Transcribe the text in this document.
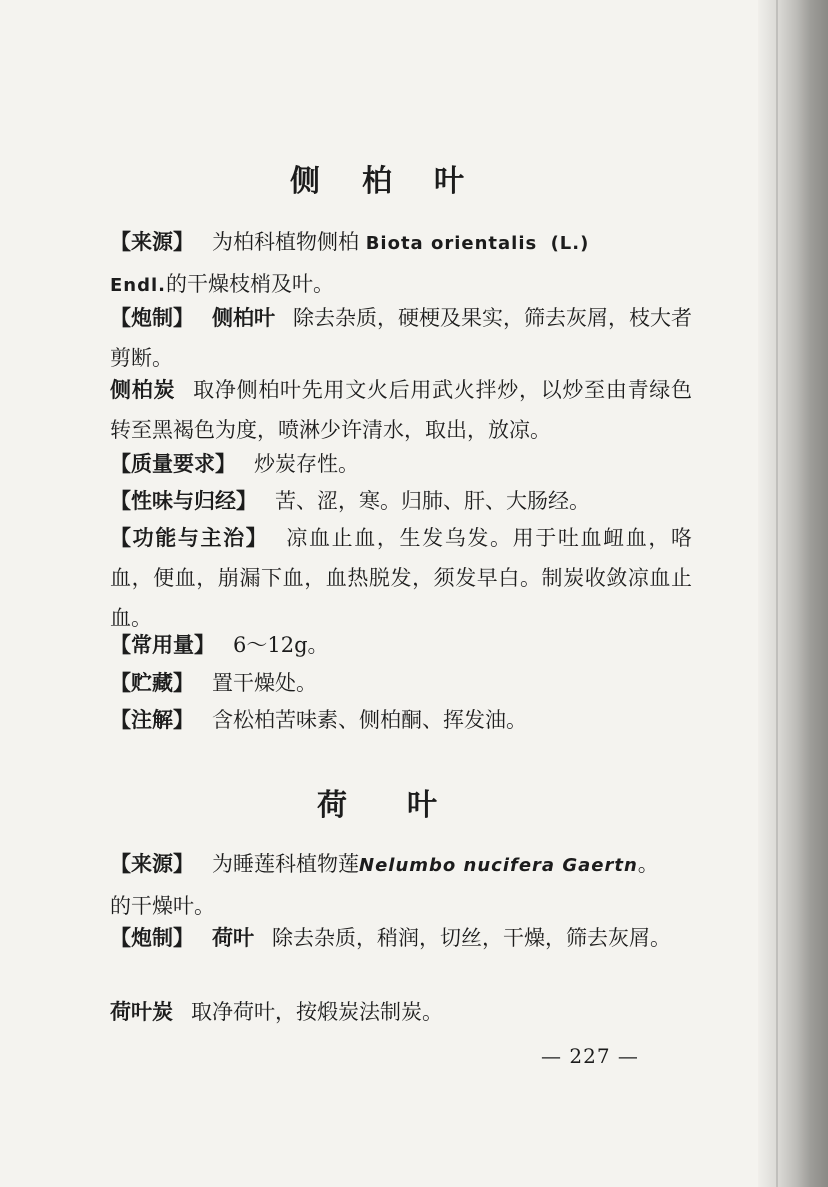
侧 柏 叶

【来源】 为柏科植物侧柏 Biota orientalis (L.)
Endl.的干燥枝梢及叶。

【炮制】 侧柏叶 除去杂质，硬梗及果实，筛去灰屑，枝大者剪断。

侧柏炭 取净侧柏叶先用文火后用武火拌炒，以炒至由青绿色转至黑褐色为度，喷淋少许清水，取出，放凉。

【质量要求】 炒炭存性。

【性味与归经】 苦、涩，寒。归肺、肝、大肠经。

【功能与主治】 凉血止血，生发乌发。用于吐血衄血，咯血，便血，崩漏下血，血热脱发，须发早白。制炭收敛凉血止血。

【常用量】 6～12g。

【贮藏】 置干燥处。

【注解】 含松柏苦味素、侧柏酮、挥发油。

荷 叶

【来源】 为睡莲科植物莲Nelumbo nucifera Gaertn。
的干燥叶。

【炮制】 荷叶 除去杂质，稍润，切丝，干燥，筛去灰屑。

荷叶炭 取净荷叶，按煅炭法制炭。

— 227 —
